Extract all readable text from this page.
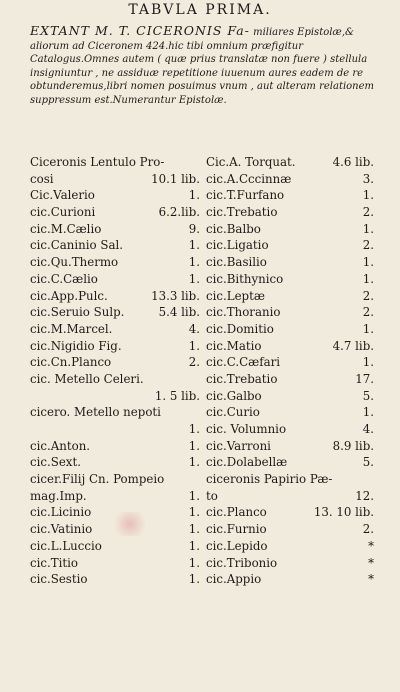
TABVLA PRIMA.
EXTANT M. T. CICERONIS Fa- miliares Epistolæ,& aliorum ad Ciceronem 424.hic tibi omnium præfigitur Catalogus.Omnes autem ( quæ prius translatæ non fuere ) stellula insigniuntur , ne assiduæ repetitione iuuenum aures eadem de re obtunderemus,libri nomen posuimus vnum , aut alteram relationem suppressum est.Numerantur Epistolæ.
Ciceronis Lentulo Pro-
cosi	10.1 lib.
Cic.Valerio	1.
cic.Curioni	6.2.lib.
cic.M.Cælio	9.
cic.Caninio Sal.	1.
cic.Qu.Thermo	1.
cic.C.Cælio	1.
cic.App.Pulc.	13.3 lib.
cic.Seruio Sulp.	5.4 lib.
cic.M.Marcel.	4.
cic.Nigidio Fig.	1.
cic.Cn.Planco	2.
cic. Metello Celeri.
1. 5 lib.
cicero. Metello nepoti
1.
cic.Anton.	1.
cic.Sext.	1.
cicer.Filij Cn. Pompeio
mag.Imp.	1.
cic.Licinio	1.
cic.Vatinio	1.
cic.L.Luccio	1.
cic.Titio	1.
cic.Sestio	1.
Cic.A. Torquat.	4.6 lib.
cic.A.Cccinnæ	3.
cic.T.Furfano	1.
cic.Trebatio	2.
cic.Balbo	1.
cic.Ligatio	2.
cic.Basilio	1.
cic.Bithynico	1.
cic.Leptæ	2.
cic.Thoranio	2.
cic.Domitio	1.
cic.Matio	4.7 lib.
cic.C.Cæfari	1.
cic.Trebatio	17.
cic.Galbo	5.
cic.Curio	1.
cic. Volumnio	4.
cic.Varroni	8.9 lib.
cic.Dolabellæ	5.
ciceronis Papirio Pæ-
to	12.
cic.Planco	13. 10 lib.
cic.Furnio	2.
cic.Lepido	*
cic.Tribonio	*
cic.Appio	*
